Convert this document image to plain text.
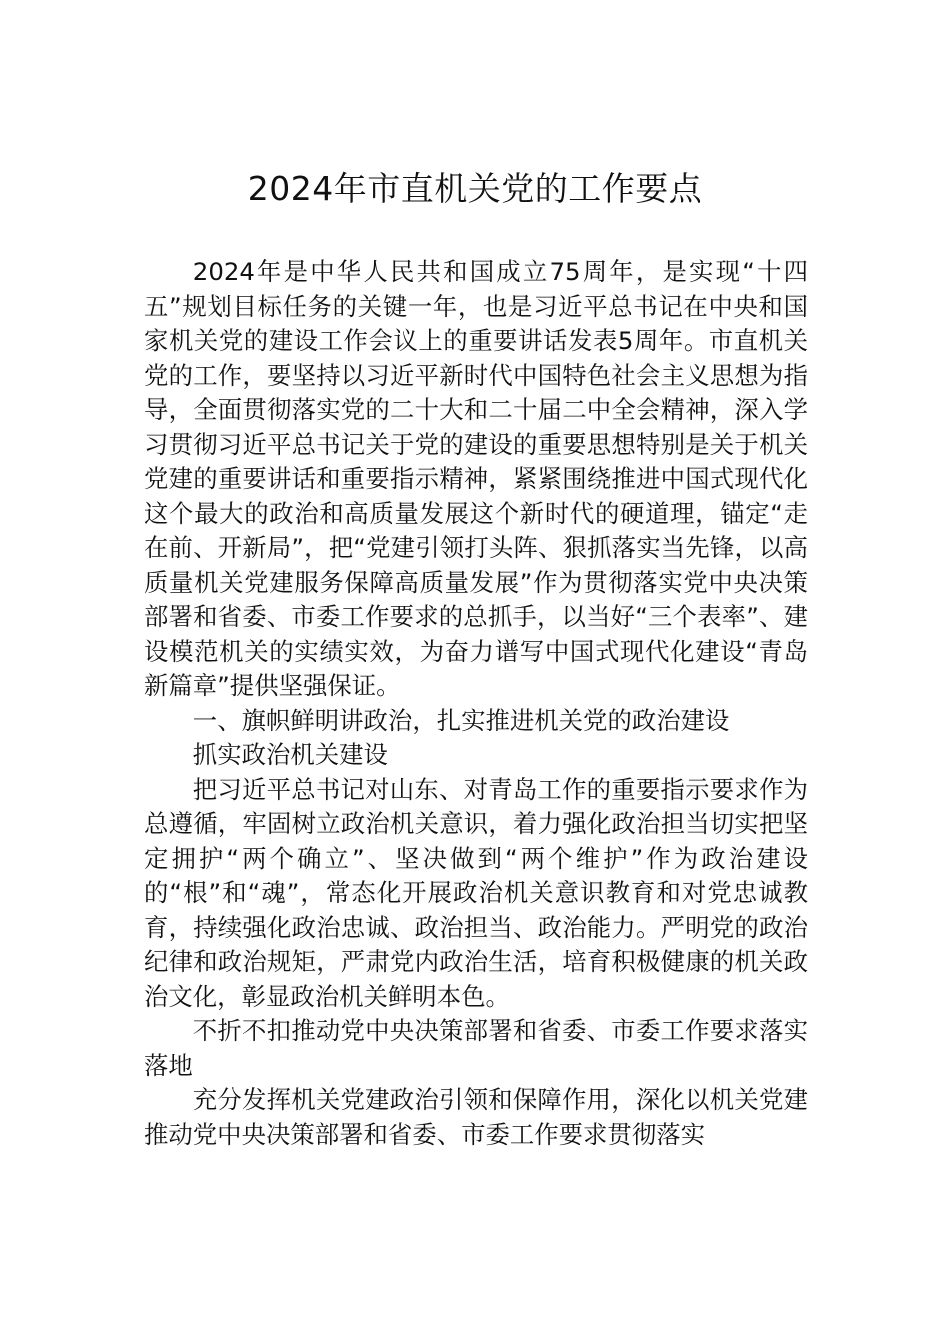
2024年市直机关党的工作要点

2024年是中华人民共和国成立75周年，是实现“十四五”规划目标任务的关键一年，也是习近平总书记在中央和国家机关党的建设工作会议上的重要讲话发表5周年。市直机关党的工作，要坚持以习近平新时代中国特色社会主义思想为指导，全面贯彻落实党的二十大和二十届二中全会精神，深入学习贯彻习近平总书记关于党的建设的重要思想特别是关于机关党建的重要讲话和重要指示精神，紧紧围绕推进中国式现代化这个最大的政治和高质量发展这个新时代的硬道理，锚定“走在前、开新局”，把“党建引领打头阵、狠抓落实当先锋，以高质量机关党建服务保障高质量发展”作为贯彻落实党中央决策部署和省委、市委工作要求的总抓手，以当好“三个表率”、建设模范机关的实绩实效，为奋力谱写中国式现代化建设“青岛新篇章”提供坚强保证。

一、旗帜鲜明讲政治，扎实推进机关党的政治建设

抓实政治机关建设

把习近平总书记对山东、对青岛工作的重要指示要求作为总遵循，牢固树立政治机关意识，着力强化政治担当切实把坚定拥护“两个确立”、坚决做到“两个维护”作为政治建设的“根”和“魂”，常态化开展政治机关意识教育和对党忠诚教育，持续强化政治忠诚、政治担当、政治能力。严明党的政治纪律和政治规矩，严肃党内政治生活，培育积极健康的机关政治文化，彰显政治机关鲜明本色。

不折不扣推动党中央决策部署和省委、市委工作要求落实落地

充分发挥机关党建政治引领和保障作用，深化以机关党建推动党中央决策部署和省委、市委工作要求贯彻落实
